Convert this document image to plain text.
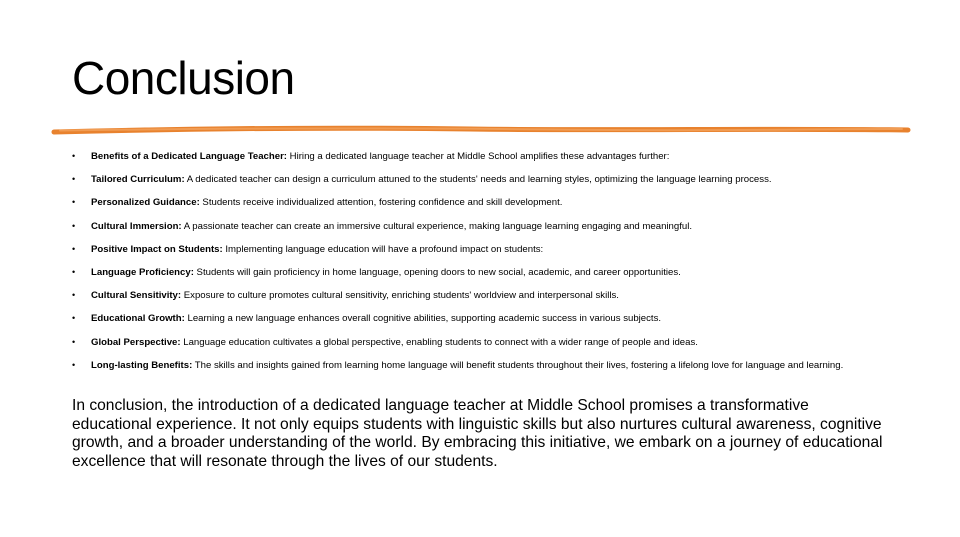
Conclusion
• Benefits of a Dedicated Language Teacher: Hiring a dedicated language teacher at Middle School amplifies these advantages further:
• Tailored Curriculum: A dedicated teacher can design a curriculum attuned to the students' needs and learning styles, optimizing the language learning process.
• Personalized Guidance: Students receive individualized attention, fostering confidence and skill development.
• Cultural Immersion: A passionate teacher can create an immersive cultural experience, making language learning engaging and meaningful.
• Positive Impact on Students: Implementing language education will have a profound impact on students:
• Language Proficiency: Students will gain proficiency in home language, opening doors to new social, academic, and career opportunities.
• Cultural Sensitivity: Exposure to culture promotes cultural sensitivity, enriching students' worldview and interpersonal skills.
• Educational Growth: Learning a new language enhances overall cognitive abilities, supporting academic success in various subjects.
• Global Perspective: Language education cultivates a global perspective, enabling students to connect with a wider range of people and ideas.
• Long-lasting Benefits: The skills and insights gained from learning home language will benefit students throughout their lives, fostering a lifelong love for language and learning.

In conclusion, the introduction of a dedicated language teacher at Middle School promises a transformative educational experience. It not only equips students with linguistic skills but also nurtures cultural awareness, cognitive growth, and a broader understanding of the world. By embracing this initiative, we embark on a journey of educational excellence that will resonate through the lives of our students.
